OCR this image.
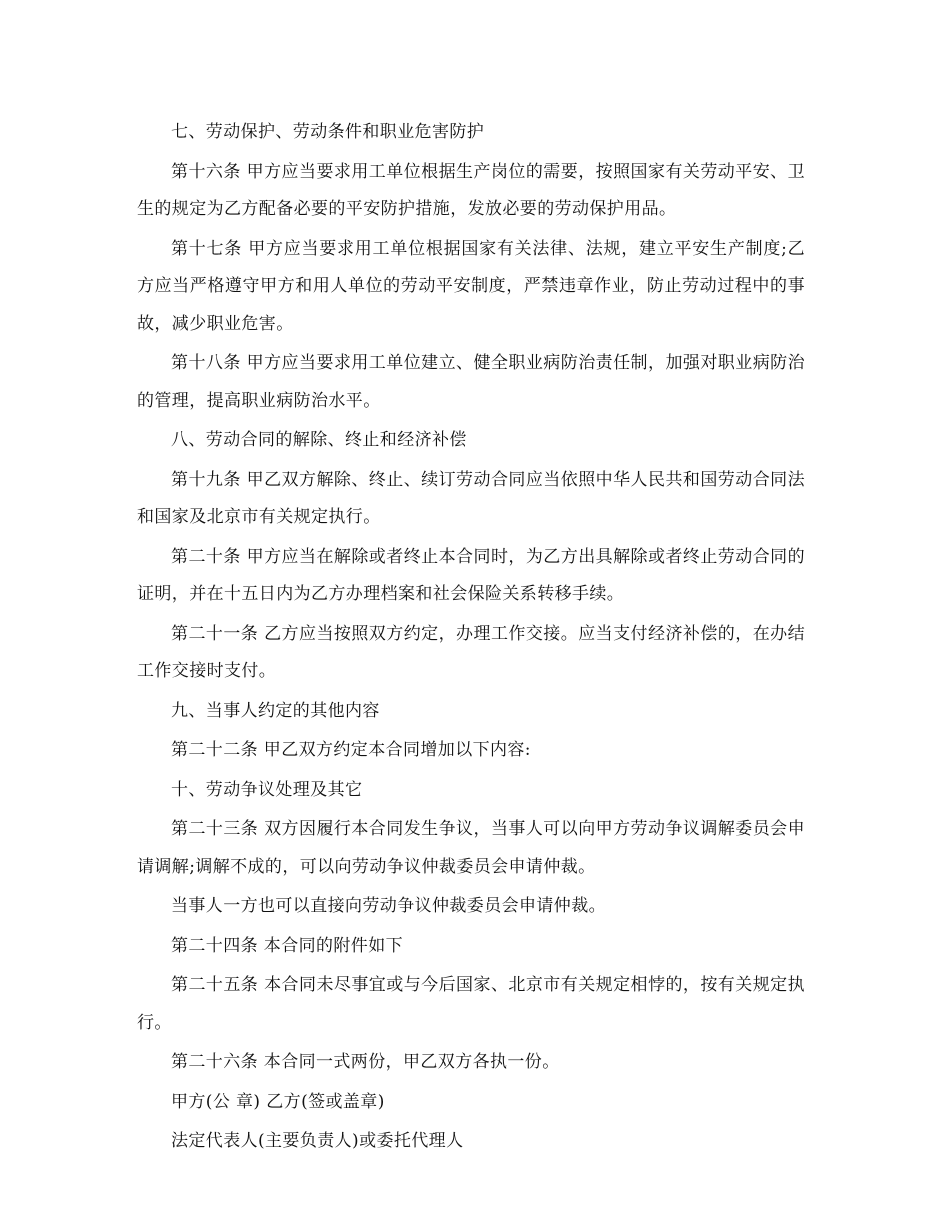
七、劳动保护、劳动条件和职业危害防护

第十六条 甲方应当要求用工单位根据生产岗位的需要，按照国家有关劳动平安、卫生的规定为乙方配备必要的平安防护措施，发放必要的劳动保护用品。

第十七条 甲方应当要求用工单位根据国家有关法律、法规，建立平安生产制度;乙方应当严格遵守甲方和用人单位的劳动平安制度，严禁违章作业，防止劳动过程中的事故，减少职业危害。

第十八条 甲方应当要求用工单位建立、健全职业病防治责任制，加强对职业病防治的管理，提高职业病防治水平。

八、劳动合同的解除、终止和经济补偿

第十九条 甲乙双方解除、终止、续订劳动合同应当依照中华人民共和国劳动合同法和国家及北京市有关规定执行。

第二十条 甲方应当在解除或者终止本合同时，为乙方出具解除或者终止劳动合同的证明，并在十五日内为乙方办理档案和社会保险关系转移手续。

第二十一条 乙方应当按照双方约定，办理工作交接。应当支付经济补偿的，在办结工作交接时支付。

九、当事人约定的其他内容

第二十二条 甲乙双方约定本合同增加以下内容:

十、劳动争议处理及其它

第二十三条 双方因履行本合同发生争议，当事人可以向甲方劳动争议调解委员会申请调解;调解不成的，可以向劳动争议仲裁委员会申请仲裁。

当事人一方也可以直接向劳动争议仲裁委员会申请仲裁。

第二十四条 本合同的附件如下

第二十五条 本合同未尽事宜或与今后国家、北京市有关规定相悖的，按有关规定执行。

第二十六条 本合同一式两份，甲乙双方各执一份。

甲方(公 章) 乙方(签或盖章)

法定代表人(主要负责人)或委托代理人
